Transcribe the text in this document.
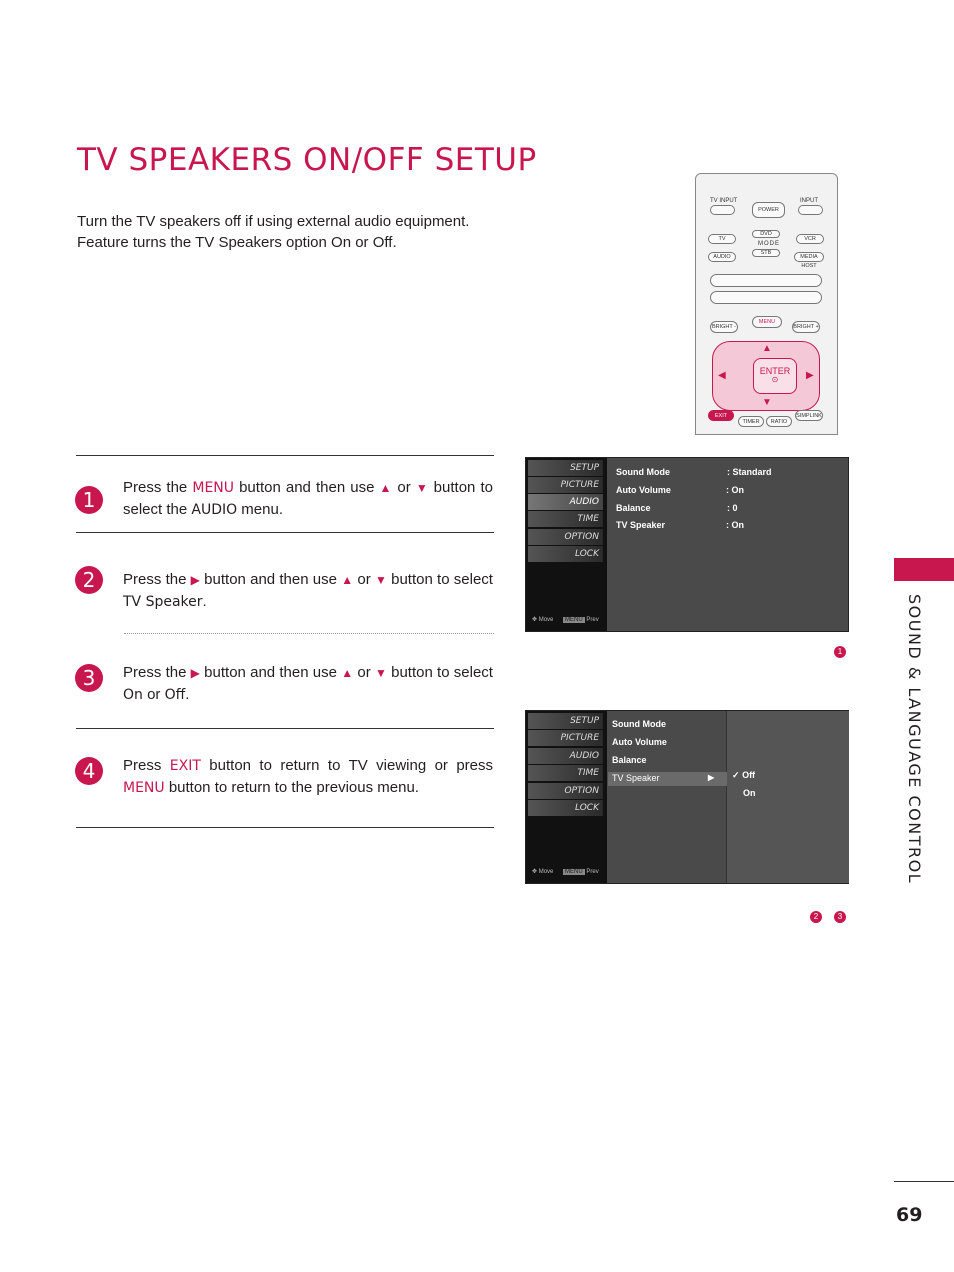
TV SPEAKERS ON/OFF SETUP
Turn the TV speakers off if using external audio equipment.
Feature turns the TV Speakers option On or Off.
TV INPUT
POWER
INPUT
TV
DVD
VCR
MODE
AUDIO
STB
MEDIA HOST
BRIGHT -
MENU
BRIGHT +
▲
▼
◀	▶
ENTER
⊙
EXIT
TIMER	RATIO
SIMPLINK
1
Press the MENU button and then use ▲ or ▼ button to select the AUDIO menu.
2	Press the ▶ button and then use ▲ or ▼ button to select TV Speaker.
3	Press the ▶ button and then use ▲ or ▼ button to select On or Off.
4	Press EXIT button to return to TV viewing or press MENU button to return to the previous menu.
SETUP
PICTURE
AUDIO
TIME
OPTION
LOCK
✥ Move MENU Prev
Sound Mode	: Standard
Auto Volume	: On
Balance	: 0
TV Speaker	: On
1
SETUP
PICTURE
AUDIO
TIME
OPTION
LOCK
✥ Move MENU Prev
✓ Off
On
Sound Mode
Auto Volume
Balance
TV Speaker	▶
2	3
SOUND & LANGUAGE CONTROL
69
